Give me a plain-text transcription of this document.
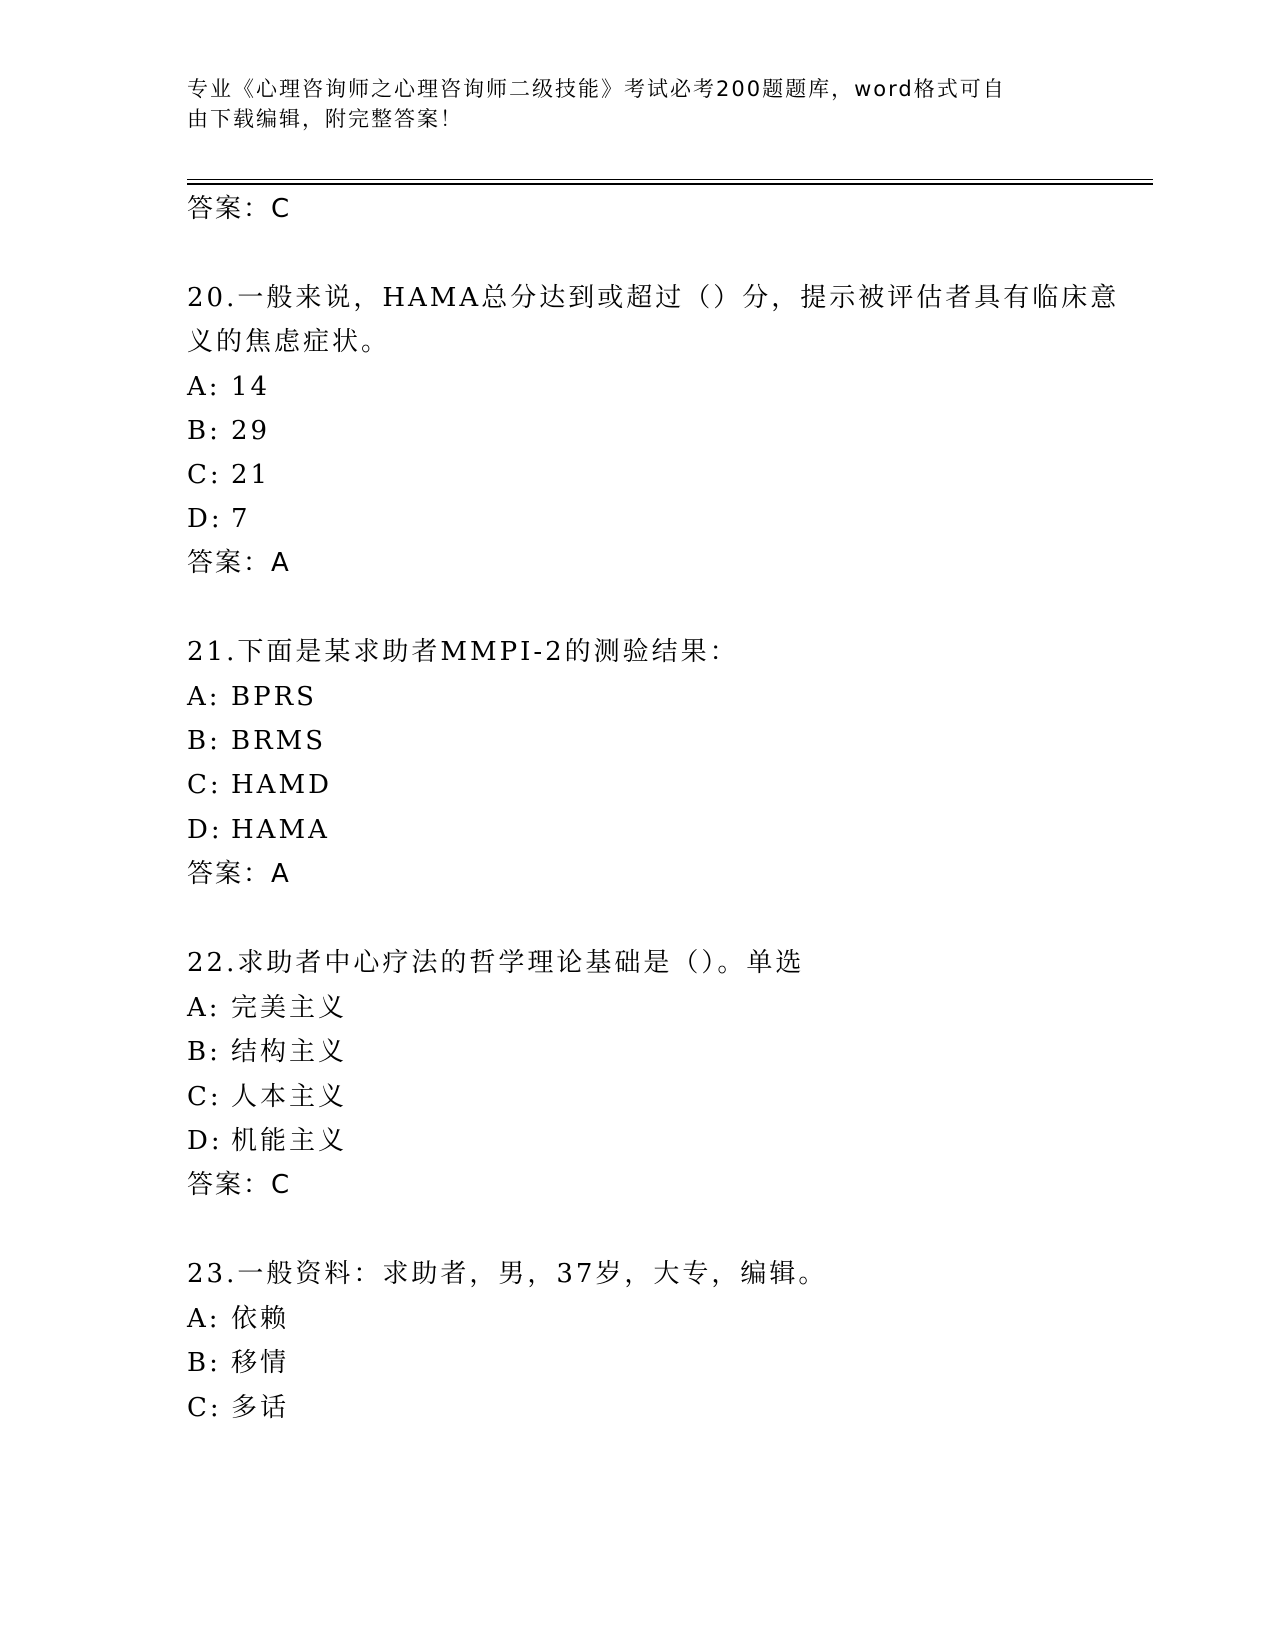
专业《心理咨询师之心理咨询师二级技能》考试必考200题题库，word格式可自
由下载编辑，附完整答案！
答案：C
20.一般来说，HAMA总分达到或超过（）分，提示被评估者具有临床意
义的焦虑症状。
A: 14
B: 29
C: 21
D: 7
答案：A
21.下面是某求助者MMPI-2的测验结果：
A: BPRS
B: BRMS
C: HAMD
D: HAMA
答案：A
22.求助者中心疗法的哲学理论基础是（）。单选
A: 完美主义
B: 结构主义
C: 人本主义
D: 机能主义
答案：C
23.一般资料：求助者，男，37岁，大专，编辑。
A: 依赖
B: 移情
C: 多话
